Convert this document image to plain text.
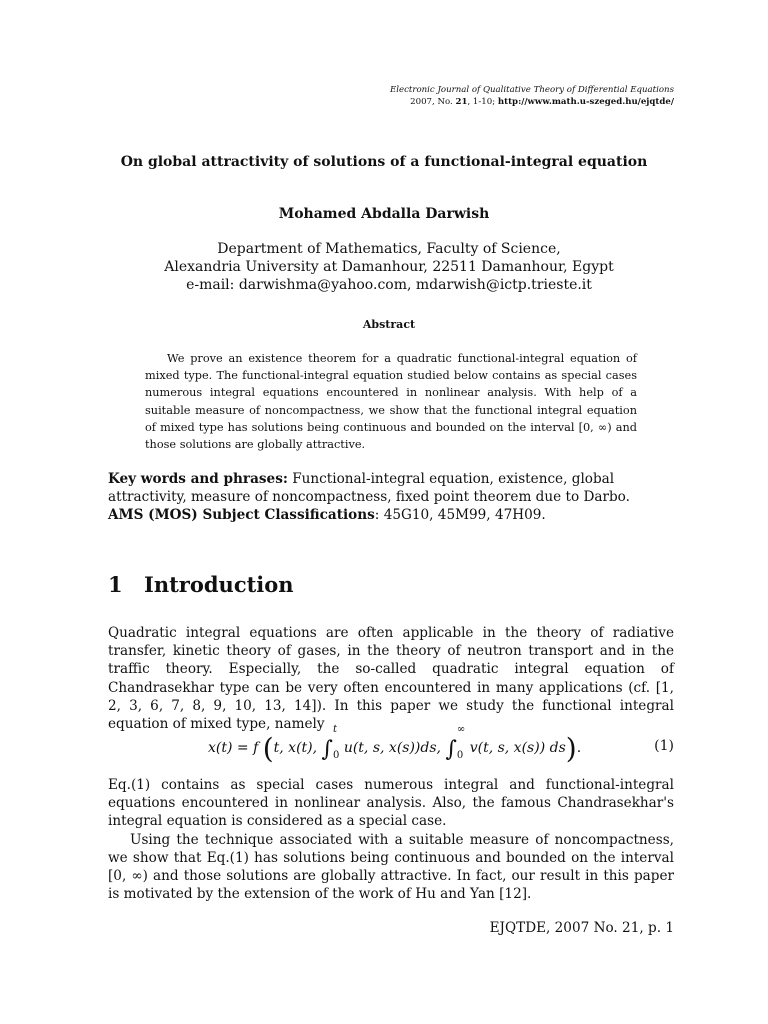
Electronic Journal of Qualitative Theory of Differential Equations
2007, No. 21, 1-10; http://www.math.u-szeged.hu/ejqtde/
On global attractivity of solutions of a functional-integral equation
Mohamed Abdalla Darwish
Department of Mathematics, Faculty of Science,
Alexandria University at Damanhour, 22511 Damanhour, Egypt
e-mail: darwishma@yahoo.com, mdarwish@ictp.trieste.it
Abstract

We prove an existence theorem for a quadratic functional-integral equation of mixed type. The functional-integral equation studied below contains as special cases numerous integral equations encountered in nonlinear analysis. With help of a suitable measure of noncompactness, we show that the functional integral equation of mixed type has solutions being continuous and bounded on the interval [0, ∞) and those solutions are globally attractive.

Key words and phrases: Functional-integral equation, existence, global attractivity, measure of noncompactness, fixed point theorem due to Darbo.
AMS (MOS) Subject Classifications: 45G10, 45M99, 47H09.
1 Introduction

Quadratic integral equations are often applicable in the theory of radiative transfer, kinetic theory of gases, in the theory of neutron transport and in the traffic theory. Especially, the so-called quadratic integral equation of Chandrasekhar type can be very often encountered in many applications (cf. [1, 2, 3, 6, 7, 8, 9, 10, 13, 14]). In this paper we study the functional integral equation of mixed type, namely

x(t) = f (t, x(t), ∫
t
0 u(t, s, x(s))ds, ∫
∞
0 v(t, s, x(s)) ds).	(1)

Eq.(1) contains as special cases numerous integral and functional-integral equations encountered in nonlinear analysis. Also, the famous Chandrasekhar's integral equation is considered as a special case.

Using the technique associated with a suitable measure of noncompactness, we show that Eq.(1) has solutions being continuous and bounded on the interval [0, ∞) and those solutions are globally attractive. In fact, our result in this paper is motivated by the extension of the work of Hu and Yan [12].

EJQTDE, 2007 No. 21, p. 1
